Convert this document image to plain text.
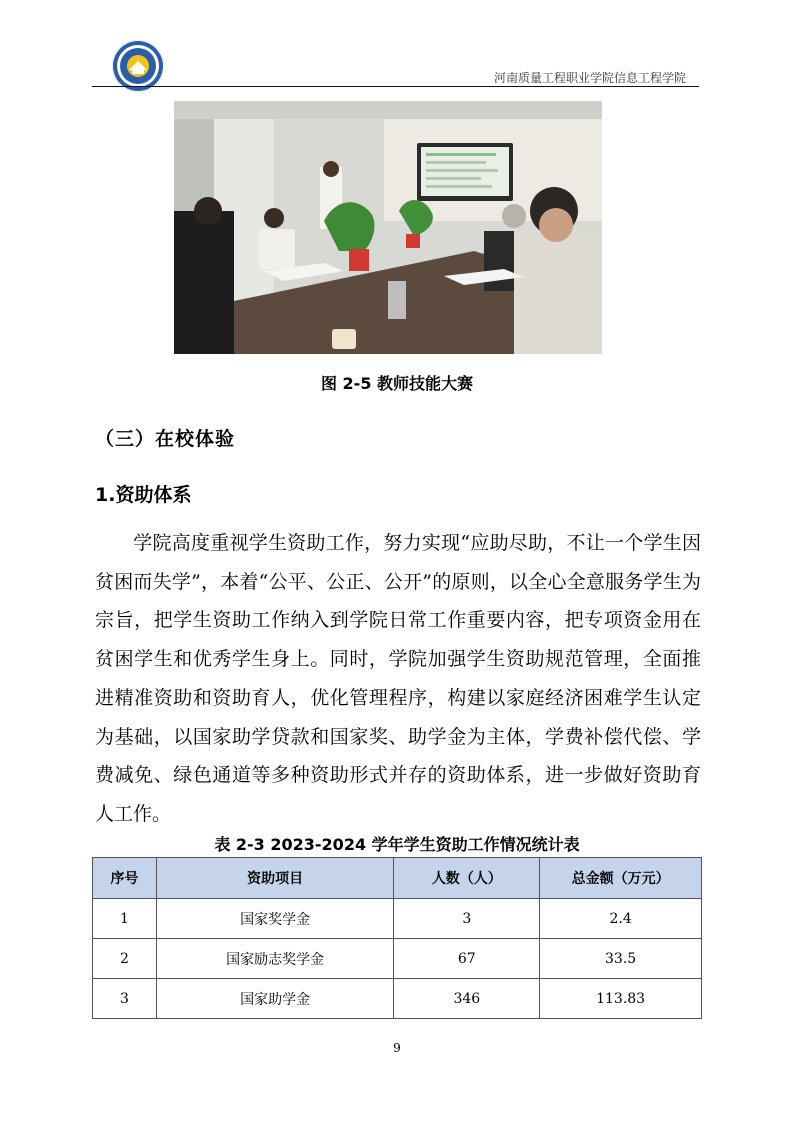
河南质量工程职业学院信息工程学院
图 2-5 教师技能大赛
（三）在校体验
1.资助体系
学院高度重视学生资助工作，努力实现“应助尽助，不让一个学生因贫困而失学”，本着“公平、公正、公开”的原则，以全心全意服务学生为宗旨，把学生资助工作纳入到学院日常工作重要内容，把专项资金用在贫困学生和优秀学生身上。同时，学院加强学生资助规范管理，全面推进精准资助和资助育人，优化管理程序，构建以家庭经济困难学生认定为基础，以国家助学贷款和国家奖、助学金为主体，学费补偿代偿、学费减免、绿色通道等多种资助形式并存的资助体系，进一步做好资助育人工作。
表 2-3 2023-2024 学年学生资助工作情况统计表
序号	资助项目	人数（人）	总金额（万元）
1	国家奖学金	3	2.4
2	国家励志奖学金	67	33.5
3	国家助学金	346	113.83
9
